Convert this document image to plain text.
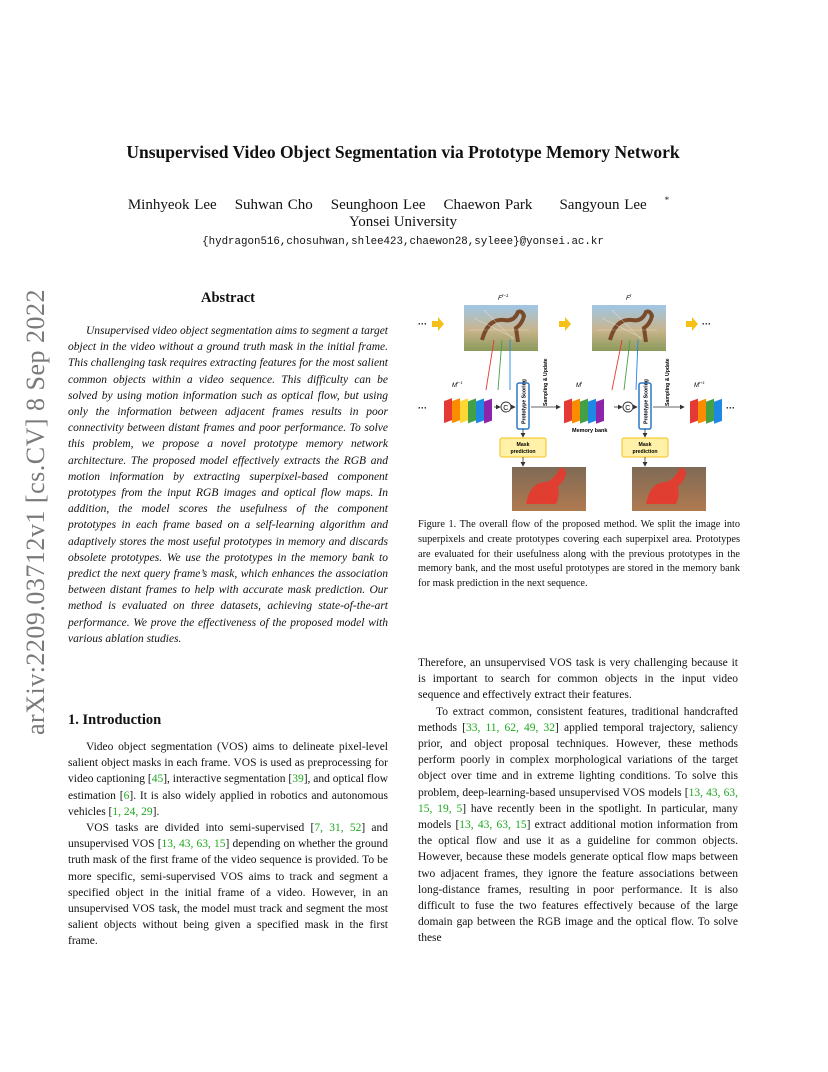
Unsupervised Video Object Segmentation via Prototype Memory Network
Minhyeok Lee Suhwan Cho Seunghoon Lee Chaewon Park Sangyoun Lee *
Yonsei University
{hydragon516,chosuhwan,shlee423,chaewon28,syleee}@yonsei.ac.kr
arXiv:2209.03712v1 [cs.CV] 8 Sep 2022	Abstract

Unsupervised video object segmentation aims to segment a target object in the video without a ground truth mask in the initial frame. This challenging task requires extracting features for the most salient common objects within a video sequence. This difficulty can be solved by using motion information such as optical flow, but using only the information between adjacent frames results in poor connectivity between distant frames and poor performance. To solve this problem, we propose a novel prototype memory network architecture. The proposed model effectively extracts the RGB and motion information by extracting superpixel-based component prototypes from the input RGB images and optical flow maps. In addition, the model scores the usefulness of the component prototypes in each frame based on a self-learning algorithm and adaptively stores the most useful prototypes in memory and discards obsolete prototypes. We use the prototypes in the memory bank to predict the next query frame’s mask, which enhances the association between distant frames to help with accurate mask prediction. Our method is evaluated on three datasets, achieving state-of-the-art performance. We prove the effectiveness of the proposed model with various ablation studies.

1. Introduction

Video object segmentation (VOS) aims to delineate pixel-level salient object masks in each frame. VOS is used as preprocessing for video captioning [45], interactive segmentation [39], and optical flow estimation [6]. It is also widely applied in robotics and autonomous vehicles [1, 24, 29].

VOS tasks are divided into semi-supervised [7, 31, 52] and unsupervised VOS [13, 43, 63, 15] depending on whether the ground truth mask of the first frame of the video sequence is provided. To be more specific, semi-supervised VOS aims to track and segment a specified object in the initial frame of a video. However, in an unsupervised VOS task, the model must track and segment the most salient objects without being given a specified mask in the first frame.

Therefore, an unsupervised VOS task is very challenging because it is important to search for common objects in the input video sequence and effectively extract their features.

To extract common, consistent features, traditional handcrafted methods [33, 11, 62, 49, 32] applied temporal trajectory, saliency prior, and object proposal techniques. However, these methods perform poorly in complex morphological variations of the target object over time and in extreme lighting conditions. To solve this problem, deep-learning-based unsupervised VOS models [13, 43, 63, 15, 19, 5] have recently been in the spotlight. In particular, many models [13, 43, 63, 15] extract additional motion information from the optical flow and use it as a guideline for common objects. However, because these models generate optical flow maps between two adjacent frames, they ignore the feature associations between long-distance frames, resulting in poor performance. It is also difficult to fuse the two features effectively because of the large domain gap between the RGB image and the optical flow. To solve these

$F^{t-1}$	$F^t$
···	···
$M^{t-1}$
$M^t$
$M^{t+1}$
···	···
C	C
Prototype Scoring	Prototype Scoring
Sampling & Update	Sampling & Update
Memory bank
Mask
prediction
Mask
prediction

Figure 1. The overall flow of the proposed method. We split the image into superpixels and create prototypes covering each superpixel area. Prototypes are evaluated for their usefulness along with the previous prototypes in the memory bank, and the most useful prototypes are stored in the memory bank for mask prediction in the next sequence.
